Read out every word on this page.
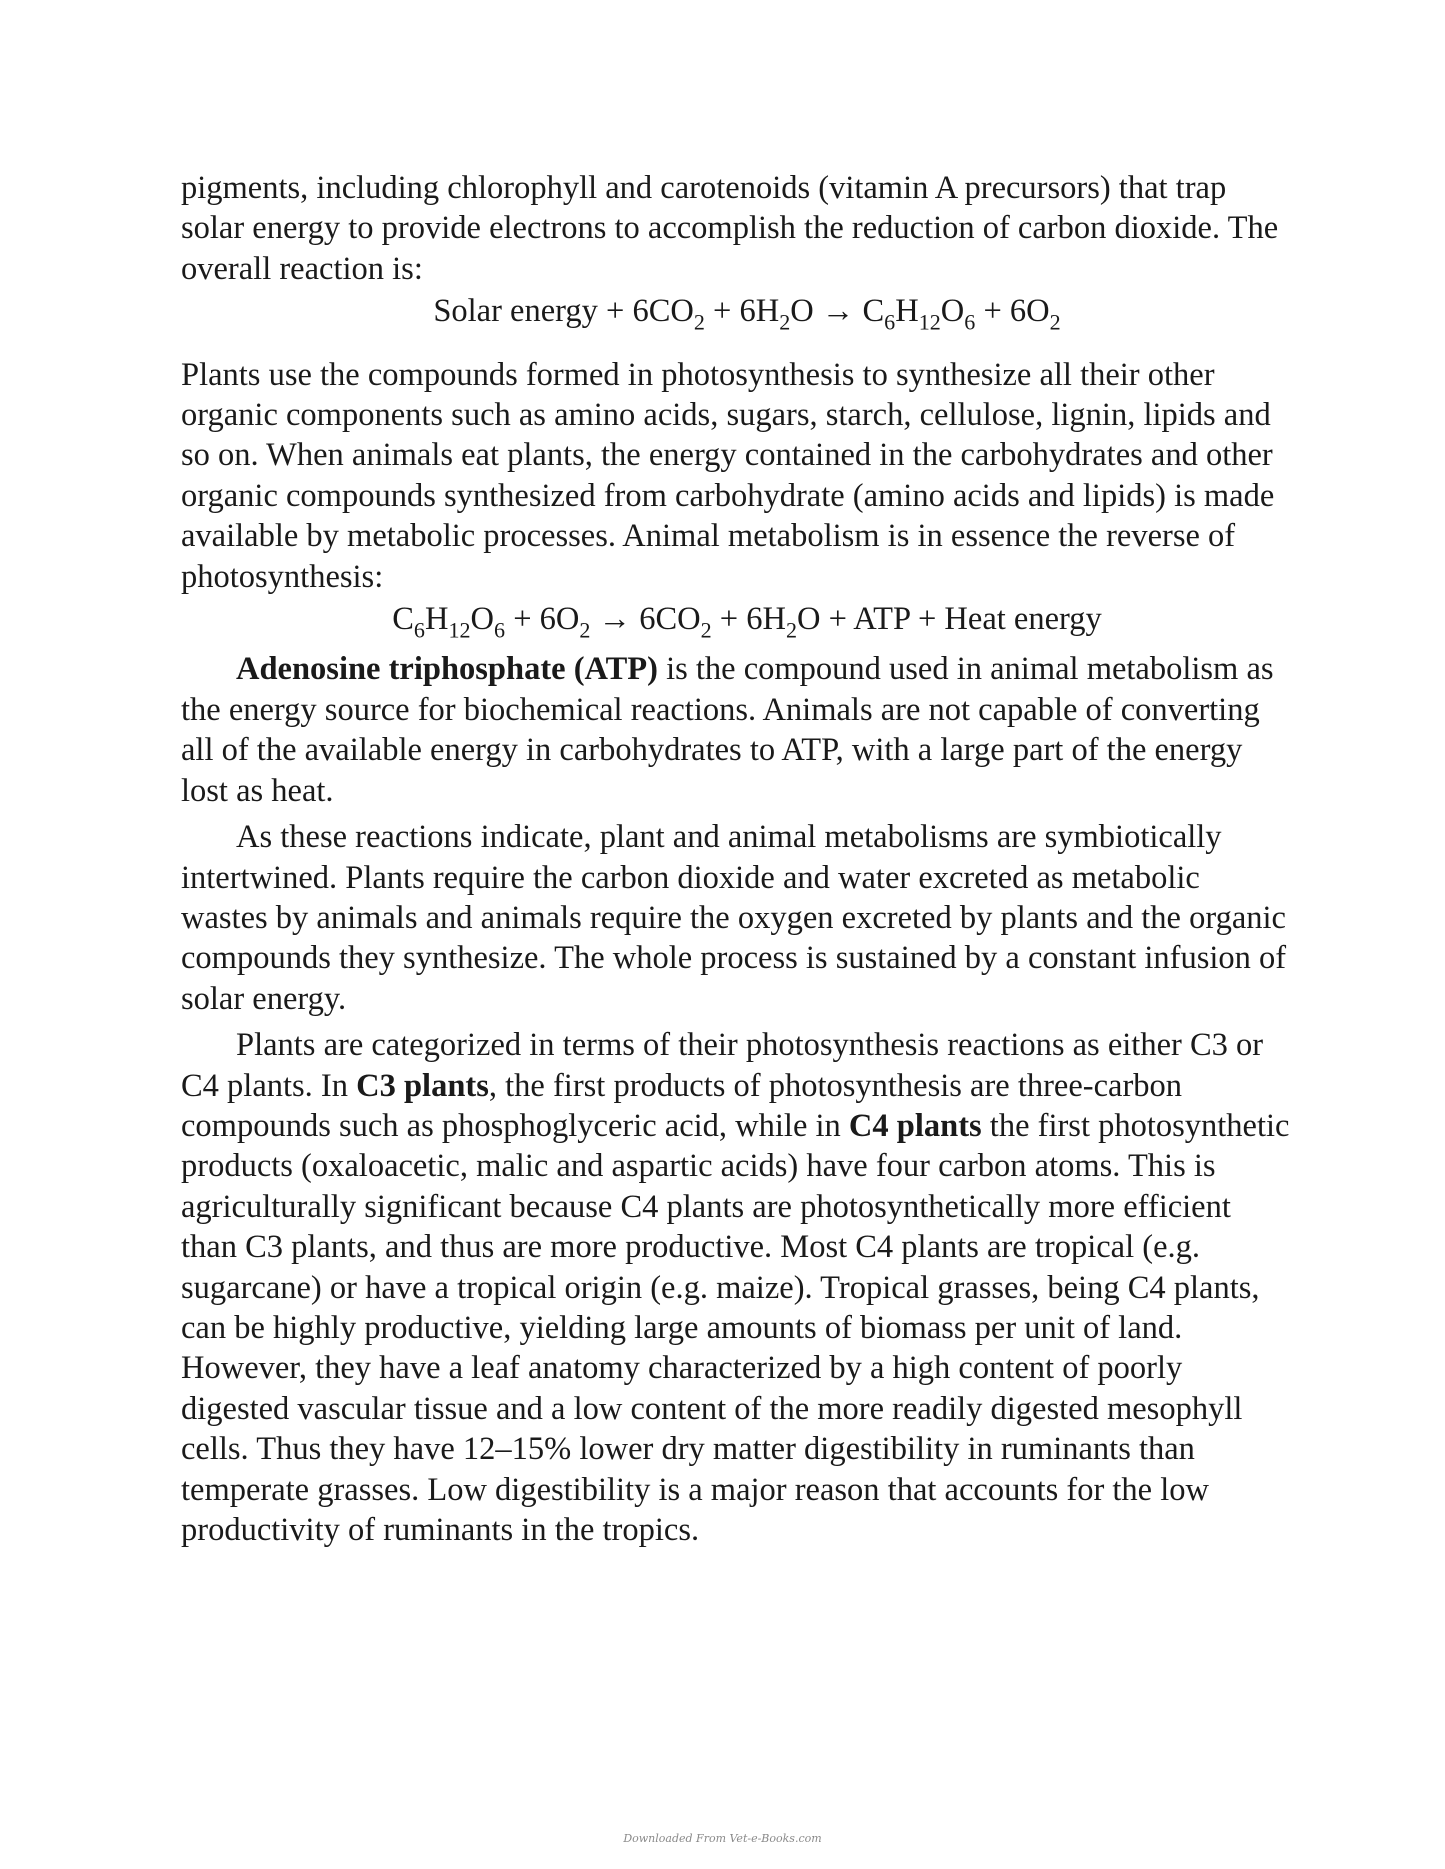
pigments, including chlorophyll and carotenoids (vitamin A precursors) that trap solar energy to provide electrons to accomplish the reduction of carbon dioxide. The overall reaction is:

Solar energy + $6CO_2 + 6H_2O \to C_6H_{12}O_6 + 6O_2$

Plants use the compounds formed in photosynthesis to synthesize all their other organic components such as amino acids, sugars, starch, cellulose, lignin, lipids and so on. When animals eat plants, the energy contained in the carbohydrates and other organic compounds synthesized from carbohydrate (amino acids and lipids) is made available by metabolic processes. Animal metabolism is in essence the reverse of photosynthesis:

$C_6H_{12}O_6 + 6O_2 \to 6CO_2 + 6H_2O$ + ATP + Heat energy

Adenosine triphosphate (ATP) is the compound used in animal metabolism as the energy source for biochemical reactions. Animals are not capable of converting all of the available energy in carbohydrates to ATP, with a large part of the energy lost as heat.

As these reactions indicate, plant and animal metabolisms are symbiotically intertwined. Plants require the carbon dioxide and water excreted as metabolic wastes by animals and animals require the oxygen excreted by plants and the organic compounds they synthesize. The whole process is sustained by a constant infusion of solar energy.

Plants are categorized in terms of their photosynthesis reactions as either C3 or C4 plants. In C3 plants, the first products of photosynthesis are three-carbon compounds such as phosphoglyceric acid, while in C4 plants the first photosynthetic products (oxaloacetic, malic and aspartic acids) have four carbon atoms. This is agriculturally significant because C4 plants are photosynthetically more efficient than C3 plants, and thus are more productive. Most C4 plants are tropical (e.g. sugarcane) or have a tropical origin (e.g. maize). Tropical grasses, being C4 plants, can be highly productive, yielding large amounts of biomass per unit of land. However, they have a leaf anatomy characterized by a high content of poorly digested vascular tissue and a low content of the more readily digested mesophyll cells. Thus they have 12–15% lower dry matter digestibility in ruminants than temperate grasses. Low digestibility is a major reason that accounts for the low productivity of ruminants in the tropics.

Downloaded From Vet-e-Books.com
